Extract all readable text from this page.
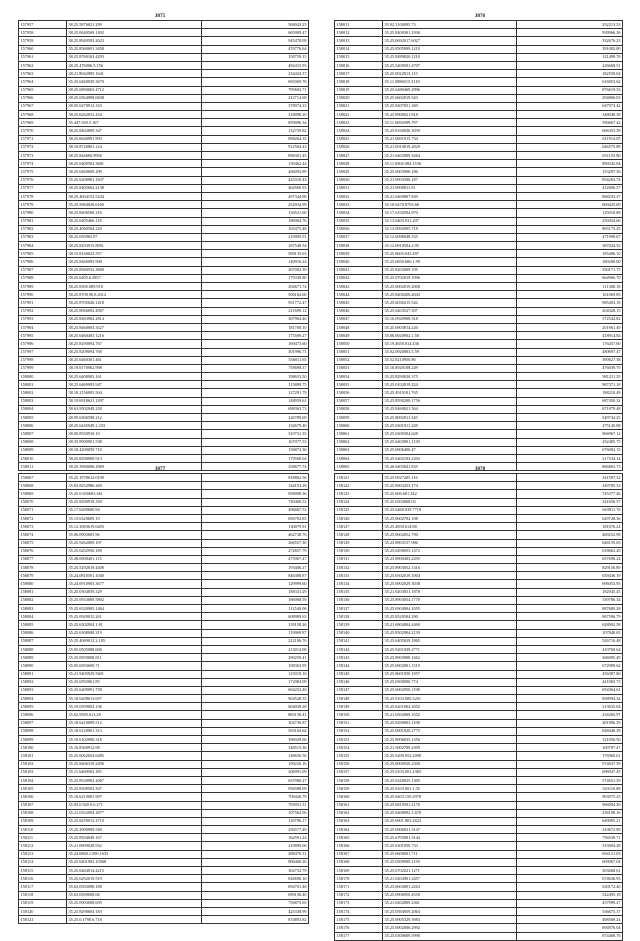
3875
157957	38.25.5876021.299	568043.25
157958	38.25.0640569.1492	665909.47
157959	38.25.8940593.2623	945478.09
157960	35.25.8560691.3458	476776.64
157961	38.25.8760163.4293	158759.15
157962	38.25.476006.5.156	492415.93
157963	38.21.8042985.1641	234434.37
157964	35.25.6460039.3670	693369.76
157965	38.25.6890065.4712	795603.71
157966	38.25.6564908.6848	212714.68
157967	38.05.6270912.333	378974.23
157968	38.25.6262052.434	318098.20
157969	35.447.920.5.167	859096.34
157970	38.25.8402809.347	132759.82
157971	38.25.6640991.993	898264.35
157972	38.18.8720801.124	912504.43
157973	38.25.844660.9956	896301.45
157974	38.25.6400582.3681	139462.44
157975	38.25.6460609.299	266093.89
157976	35.25.6200981.1837	425318.43
157977	38.25.8405602.2138	464560.93
157978	38.25.4604152.5244	497344.96
157979	35.25.5964026.6160	252034.99
157980	38.25.8406568.216	156521.60
157981	38.25.6405466.118	186964.76
157982	38.25.4060504.220	165475.48
157983	38.25.050965.87	219005.91
157984	38.25.8203915.8951	167549.54
157985	38.15.8160022.557	509135.63
157986	38.25.8460095.908	149916.24
157987	38.25.8560552.3600	267002.39
157988	38.25.6405.6.2857	179330.80
157989	38.25.8305.089.918	294671.74
157990	38.25.8709.90.8.4312	506164.60
157991	38.25.8705026.1418	951772.47
157992	38.25.8066092.4907	211699.12
157993	38.25.8463962.2814	367964.46
157994	38.25.8460003.3527	181700.10
157995	38.25.6460403.1216	175509.27
157996	38.25.8290094.767	169473.60
157997	38.25.8209094.768	301996.71
157998	38.25.6460301.461	536011.65
157999	38.19.6170902.998	758698.37
158000	38.25.6408905.161	198653.50
158001	38.25.6469995.947	115889.75
158002	38.18.2156005.504	127291.79
158003	38.19.6918621.1497	148959.61
158004	38.63.9502049.230	698363.73
158005	38.95.6306598.212	226789.69
158006	38.25.6445949.2.233	132679.40
158007	38.00.8550910.10	310731.35
158008	38.35.8900901.538	167077.53
158009	38.18.4200059.710	156873.36
158010	38.25.8290008.913	179568.04
158011	38.25.3960006.2969	258677.74
3876
158011	35.92.3100095.73	252213.53
158012	35.25.8400301.1936	939966.36
158013	35.25.0692017.6027	332676.23
158014	35.25.8505099.1210	391082.80
158015	35.25.8489820.1210	121499.76
158016	35.25.5400501.4707	226669.51
158017	35.25.0022913.115	182558.04
158018	35.11.0886015.3118	616853.62
158019	35.25.6480469.2996	876619.33
158020	35.25.6602019.543	294866.03
158021	35.25.8407051.369	647973.42
158022	35.25.8900021.818	348048.38
158023	35.11.6092099.797	590667.42
158024	35.25.8160036.3039	666353.58
158025	35.21.0691915.734	611914.05
158026	35.21.6910019.2829	646575.88
158027	35.21.6402909.3264	651155.80
158028	35.11.6504.084.1336	890342.04
158029	35.25.6903906.186	153297.36
158030	35.21.6903506.187	854263.74
158031	35.21.6900811.91	412806.57
158032	35.21.6400807.839	868233.37
158033	35.10.6470.8703.66	600425.69
158034	35.17.6192504.970	125010.88
158035	35.13.6403.031.207	250454.66
158036	35.13.0092095.718	865173.35
158037	35.12.6098048.535	471998.67
158038	35.12.0910504.2.95	387024.53
158039	35.25.8605.043.497	185406.10
158040	35.25.6850.606.1.99	180200.00
158041	35.25.8202009.195	350171.75
158042	35.25.0702019.1996	664966.70
158043	35.25.6002019.2008	111308.18
158044	35.25.8400206.4043	161069.85
158045	35.25.6030215.542	985403.18
158046	35.25.6403527.507	204328.15
158047	35.16.0920908.318	572542.82
158048	35.25.6903814.220	201961.49
158049	35.06.6920902.1.58	418914.84
158050	35.19.4650.014.436	176457.60
158051	35.02.0920003.5.59	480697.47
158052	35.52.8210950.86	390627.38
158053	35.16.8920108.249	476039.70
158054	35.25.8290020.375	981211.35
158055	35.25.0102819.224	987371.18
158056	35.25.4919101.765	188210.49
158057	35.25.8590200.1756	687450.32
158058	35.25.8460021.564	871979.48
158059	35.25.8092011.345	549744.25
158060	35.25.6301911.228	275145.08
158061	35.25.6300304.628	966967.12
158062	35.25.6403801.1139	252485.75
158063	35.25.6906406.47	676092.15
158064	35.25.6402103.2203	217534.14
158065	35.20.6403041.835	866863.73
3877
158067	35.25.1978612.0199	818862.56
158068	35.83.8252986.269	144153.28
158069	35.25.0.650603.261	958098.36
158070	35.25.8290918.350	749460.52
158071	35.17.6200600.94	496667.52
158072	35.15.6320609.19	696792.85
158073	35.12.3083619.6493	130079.91
158074	35.06.0905605.96	462738.76
158075	35.25.9262009.107	266557.30
158076	35.25.6202950.169	272657.79
158077	35.28.6908401.115	475967.47
158078	35.25.5292019.4408	193406.27
158079	35.24.0810501.1040	846388.87
158080	35.24.0910903.3677	129999.60
158081	35.25.0304859.329	188331.29
158082	35.25.0933069.5802	186068.59
158083	35.25.6520905.1464	112540.06
158084	35.25.0929015.261	608989.63
158085	35.25.6302904.1.81	139158.26
158086	35.25.6308008.319	119069.87
158087	35.25.4069012.2.185	212106.76
158088	35.05.0505088.606	213014.08
158089	35.25.0959008.811	290259.41
158090	35.05.6593600.71	108363.95
158091	35.21.9405929.5601	125019.16
158092	35.25.6592061.85	172084.09
158093	35.25.6209091.758	604252.46
158094	35.18.6208613.657	904528.35
158095	35.19.0509002.136	604039.28
158096	35.02.9585.613.28	865158.41
158097	35.18.6410009.512	302736.87
158098	35.18.6120001.313	563164.64
158099	35.10.6102090.318	396929.66
158100	35.16.8360912.98	348515.36
158101	35.25.6062654.6485	148656.56
158102	35.25.8406319.2496	109226.16
158103	35.11.6469063.185	206991.09
158104	35.25.8530902.2067	637080.27
158105	35.25.8309503.307	956588.09
158106	35.16.6210001.907	709426.79
158107	35.83.0.920.0.6.271	765931.31
158108	35.21.0352094.2877	107562.56
158109	35.25.8259013.4710	120796.17
158110	35.25.2900909.549	256577.49
158111	35.25.8504049.167	162591.24
158112	35.21.6909028.932	210890.06
158113	35.24.6860.1.090.1635	288470.31
158114	35.25.6401902.10568	806460.26
158115	35.25.6464014.4215	302752.79
158116	35.25.6292019.519	826690.16
158117	35.63.0503008.188	694701.48
158118	35.63.0509008.68	699158.40
158119	35.25.0903008.659	756875.65
158120	35.25.8290603.183	425338.99
158121	35.25.0.1790.6.718	874893.82
3878
158121	35.25.0927205.116	341597.32
158122	35.25.8903253.174	349785.33
158123	35.25.606.601.342	745377.46
158124	35.25.6504068.03	341656.57
158125	35.25.6460.039.7718	643911.76
158126	35.25.0602702.108	629728.36
158127	35.25.4850.614.88	181076.24
158128	35.25.0602052.790	469252.98
158129	35.25.8903157.986	646159.65
158130	35.25.6490053.1472	618662.20
158131	35.25.8900403.2295	657696.24
158132	35.25.8903052.1416	829156.89
158133	35.25.6502019.1004	659436.19
158134	35.25.6902029.3038	696053.95
158135	35.21.0203051.1878	182045.45
158136	35.25.8903054.1770	539786.34
158137	35.25.6904904.1055	887680.28
158138	35.25.8520504.290	867596.79
158139	35.21.6904004.4460	628992.58
158140	35.25.8502904.2139	107840.65
158141	35.25.6405029.1865	526716.48
158142	35.25.9201039.2771	410760.64
158143	35.25.8903908.1662	366995.49
158144	35.25.6902001.1519	672989.62
158145	35.25.8601950.1957	456387.86
158146	35.25.6500000.774	441065.73
158147	35.25.6002950.1198	654364.61
158148	35.25.0103.000.3201	838994.34
158149	35.25.6201604.3052	213635.04
158150	35.21.6502069.3352	234265.97
158151	35.25.8290003.1198	281896.59
158152	35.25.0001920.2775	848446.38
158153	35.25.8906035.1356	121056.50
158154	35.21.5002709.2309	169787.47
158155	35.25.6200.052.2008	176960.61
158156	35.25.0000920.2300	974637.59
158157	35.25.0103.001.2365	696947.45
158158	35.25.6340025.1305	574651.59
158159	35.25.6103.001.1.35	543116.88
158160	35.25.6403.150.2978	903975.23
158161	35.25.6810501.2178	966094.30
158162	35.25.6400092.1.678	236108.16
158163	35.25.6901.803.2623	649095.21
158164	35.25.6906921.3147	310672.89
158165	35.25.6705001.3144	756539.71
158166	35.25.6301050.733	315904.28
158167	35.25.6600001.711	694121.03
158168	35.25.0509909.1159	609067.04
158169	35.25.6702021.1271	303668.61
158170	35.21.0204901.2457	674636.93
158171	35.25.6603801.2263	630172.46
158172	35.25.0906950.4550	522495.18
158173	35.21.0202809.2361	457999.47
158174	35.25.0594059.2063	536675.37
158175	35.25.6905329.3983	498569.24
158176	35.25.6902006.2992	694976.04
158177	35.25.0300609.5990	874468.76
